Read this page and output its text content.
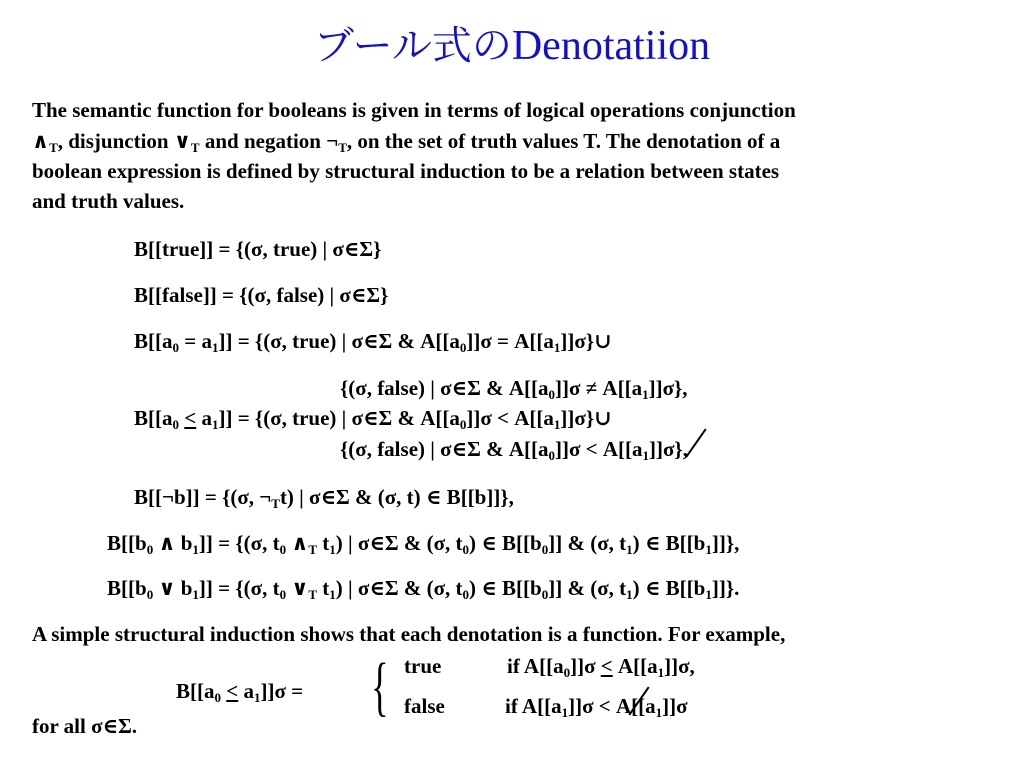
ブール式のDenotatiion
The semantic function for booleans is given in terms of logical operations conjunction
$\wedge_T$, disjunction $\vee_T$ and negation $\neg_T$, on the set of truth values T. The denotation of a
boolean expression is defined by structural induction to be a relation between states
and truth values.
B[[true]] = {(σ, true) | σ∈Σ}
B[[false]] = {(σ, false) | σ∈Σ}
$B[[a_0 = a_1]] = \{(\sigma$, true) | σ∈Σ & $A[[a_0]]\sigma$ = $A[[a_1]]\sigma\}\cup$
{(σ, false) | σ∈Σ & $A[[a_0]]\sigma \ne A[[a_1]]\sigma$},
$B[[a_0 < a_1]] = \{(\sigma$, true) | σ∈Σ & $A[[a_0]]\sigma$ < $A[[a_1]]\sigma\}\cup$
{(σ, false) | σ∈Σ & $A[[a_0]]\sigma < A[[a_1]]\sigma$},
B[[¬b]] = {(σ, $\neg_Tt$) | σ∈Σ & (σ, t) ∈ B[[b]]},
$B[[b_0$ ∧ $b_1]] = \{(\sigma$, $t_0$ $\wedge_T$ $t_1$) | σ∈Σ & (σ, $t_0$) ∈ $B[[b_0]]$ & (σ, $t_1$) ∈ $B[[b_1]]$},
$B[[b_0$ ∨ $b_1]] = \{(\sigma$, $t_0$ $\vee_T$ $t_1$) | σ∈Σ & (σ, $t_0$) ∈ $B[[b_0]]$ & (σ, $t_1$) ∈ $B[[b_1]]$}.
A simple structural induction shows that each denotation is a function. For example,
$B[[a_0 < a_1]]\sigma$ = { true	if $A[[a_0]]\sigma < A[[a_1]]\sigma$,
false	if $A[[a_1]]\sigma < A[[a_1]]\sigma$
for all σ∈Σ.
